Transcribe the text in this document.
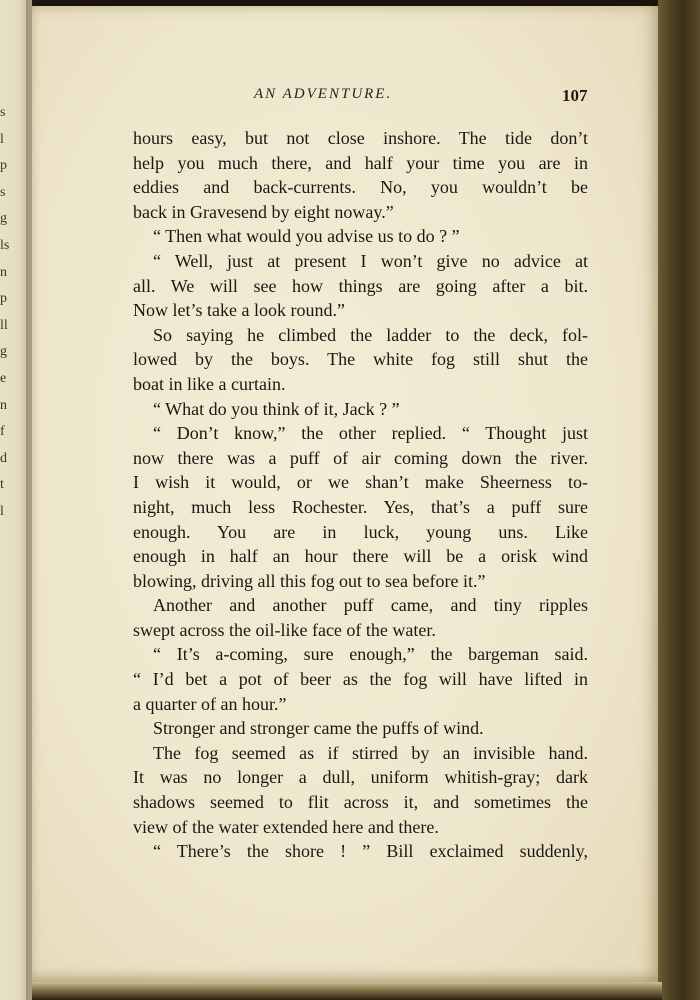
s
l
p
s
g
ls
n
p
ll
g
e
n
f
d
t
l
AN ADVENTURE.	107
hours easy, but not close inshore. The tide don’t
help you much there, and half your time you are in
eddies and back-currents. No, you wouldn’t be
back in Gravesend by eight noway.”
“ Then what would you advise us to do ? ”
“ Well, just at present I won’t give no advice at
all. We will see how things are going after a bit.
Now let’s take a look round.”
So saying he climbed the ladder to the deck, fol-
lowed by the boys. The white fog still shut the
boat in like a curtain.
“ What do you think of it, Jack ? ”
“ Don’t know,” the other replied. “ Thought just
now there was a puff of air coming down the river.
I wish it would, or we shan’t make Sheerness to-
night, much less Rochester. Yes, that’s a puff sure
enough. You are in luck, young uns. Like
enough in half an hour there will be a orisk wind
blowing, driving all this fog out to sea before it.”
Another and another puff came, and tiny ripples
swept across the oil-like face of the water.
“ It’s a-coming, sure enough,” the bargeman said.
“ I’d bet a pot of beer as the fog will have lifted in
a quarter of an hour.”
Stronger and stronger came the puffs of wind.
The fog seemed as if stirred by an invisible hand.
It was no longer a dull, uniform whitish-gray; dark
shadows seemed to flit across it, and sometimes the
view of the water extended here and there.
“ There’s the shore ! ” Bill exclaimed suddenly,
